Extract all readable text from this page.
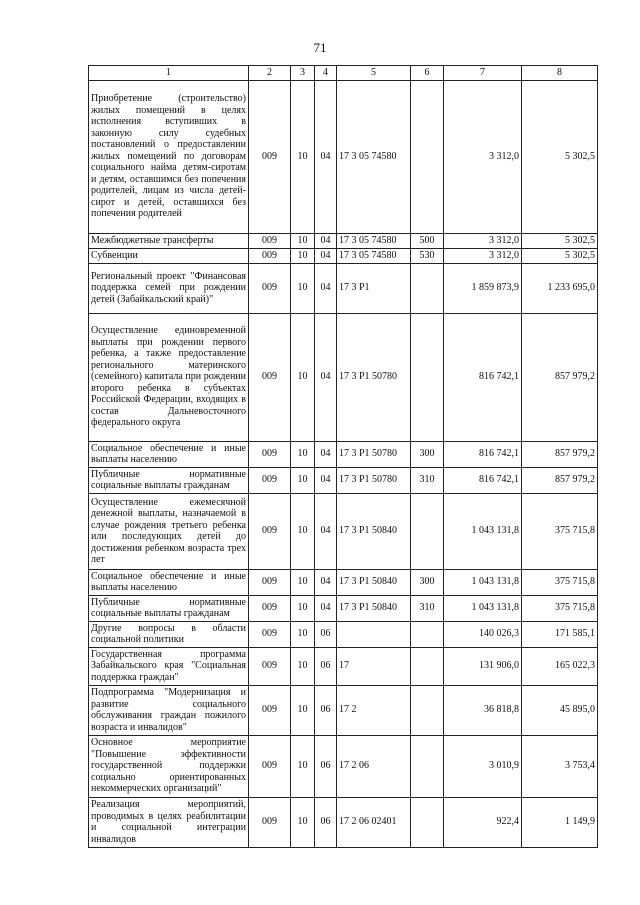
71
1	2	3	4	5	6	7	8
Приобретение (строительство) жилых помещений в целях исполнения вступивших в законную силу судебных постановлений о предоставлении жилых помещений по договорам социального найма детям-сиротам и детям, оставшимся без попечения родителей, лицам из числа детей-сирот и детей, оставшихся без попечения родителей	009	10	04	17 3 05 74580		3 312,0	5 302,5
Межбюджетные трансферты	009	10	04	17 3 05 74580	500	3 312,0	5 302,5
Субвенции	009	10	04	17 3 05 74580	530	3 312,0	5 302,5
Региональный проект "Финансовая поддержка семей при рождении детей (Забайкальский край)"	009	10	04	17 3 P1		1 859 873,9	1 233 695,0
Осуществление единовременной выплаты при рождении первого ребенка, а также предоставление регионального материнского (семейного) капитала при рождении второго ребенка в субъектах Российской Федерации, входящих в состав Дальневосточного федерального округа	009	10	04	17 3 P1 50780		816 742,1	857 979,2
Социальное обеспечение и иные выплаты населению	009	10	04	17 3 P1 50780	300	816 742,1	857 979,2
Публичные нормативные социальные выплаты гражданам	009	10	04	17 3 P1 50780	310	816 742,1	857 979,2
Осуществление ежемесячной денежной выплаты, назначаемой в случае рождения третьего ребенка или последующих детей до достижения ребенком возраста трех лет	009	10	04	17 3 P1 50840		1 043 131,8	375 715,8
Социальное обеспечение и иные выплаты населению	009	10	04	17 3 P1 50840	300	1 043 131,8	375 715,8
Публичные нормативные социальные выплаты гражданам	009	10	04	17 3 P1 50840	310	1 043 131,8	375 715,8
Другие вопросы в области социальной политики	009	10	06			140 026,3	171 585,1
Государственная программа Забайкальского края "Социальная поддержка граждан"	009	10	06	17		131 906,0	165 022,3
Подпрограмма "Модернизация и развитие социального обслуживания граждан пожилого возраста и инвалидов"	009	10	06	17 2		36 818,8	45 895,0
Основное мероприятие "Повышение эффективности государственной поддержки социально ориентированных некоммерческих организаций"	009	10	06	17 2 06		3 010,9	3 753,4
Реализация мероприятий, проводимых в целях реабилитации и социальной интеграции инвалидов	009	10	06	17 2 06 02401		922,4	1 149,9
